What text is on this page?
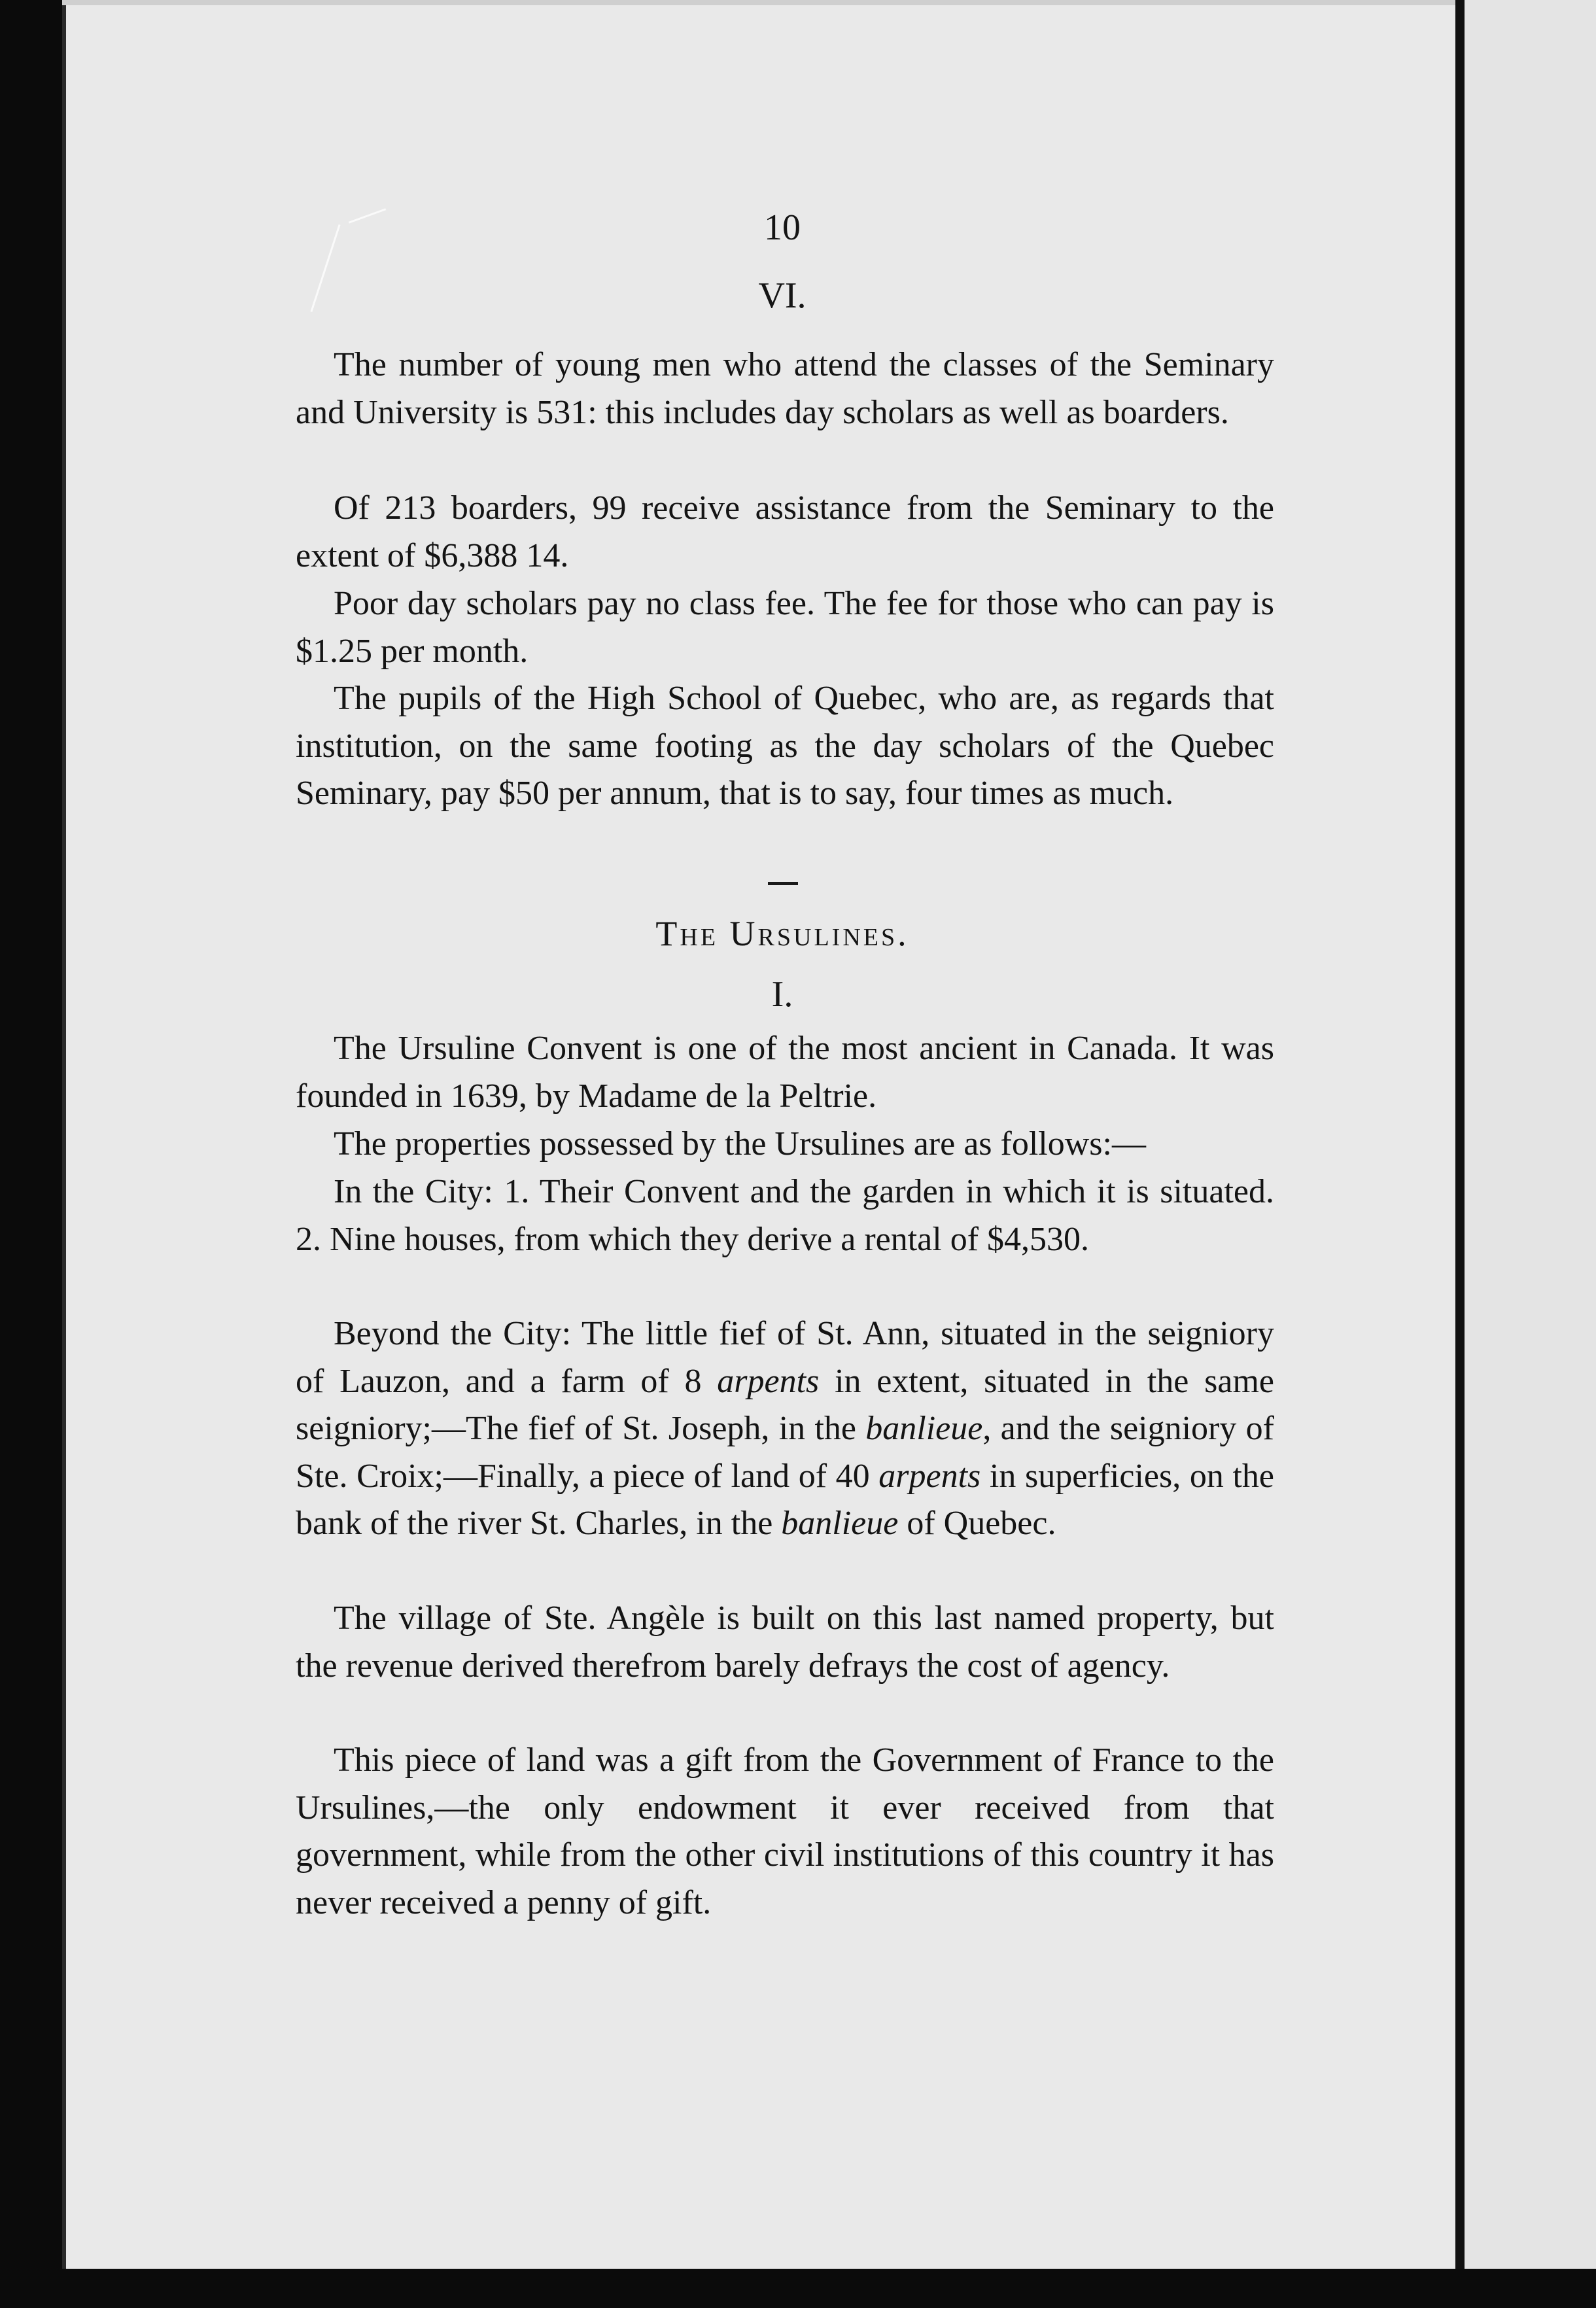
10
VI.

The number of young men who attend the classes of the Seminary and University is 531: this includes day scholars as well as boarders.

Of 213 boarders, 99 receive assistance from the Seminary to the extent of $6,388 14.

Poor day scholars pay no class fee. The fee for those who can pay is $1.25 per month.

The pupils of the High School of Quebec, who are, as regards that institution, on the same footing as the day scholars of the Quebec Seminary, pay $50 per annum, that is to say, four times as much.

The Ursulines.
I.

The Ursuline Convent is one of the most ancient in Canada. It was founded in 1639, by Madame de la Peltrie.

The properties possessed by the Ursulines are as follows:—

In the City: 1. Their Convent and the garden in which it is situated. 2. Nine houses, from which they derive a rental of $4,530.

Beyond the City: The little fief of St. Ann, situated in the seigniory of Lauzon, and a farm of 8 arpents in extent, situated in the same seigniory;—The fief of St. Joseph, in the banlieue, and the seigniory of Ste. Croix;—Finally, a piece of land of 40 arpents in superficies, on the bank of the river St. Charles, in the banlieue of Quebec.

The village of Ste. Angèle is built on this last named property, but the revenue derived therefrom barely defrays the cost of agency.

This piece of land was a gift from the Government of France to the Ursulines,—the only endowment it ever received from that government, while from the other civil institutions of this country it has never received a penny of gift.
